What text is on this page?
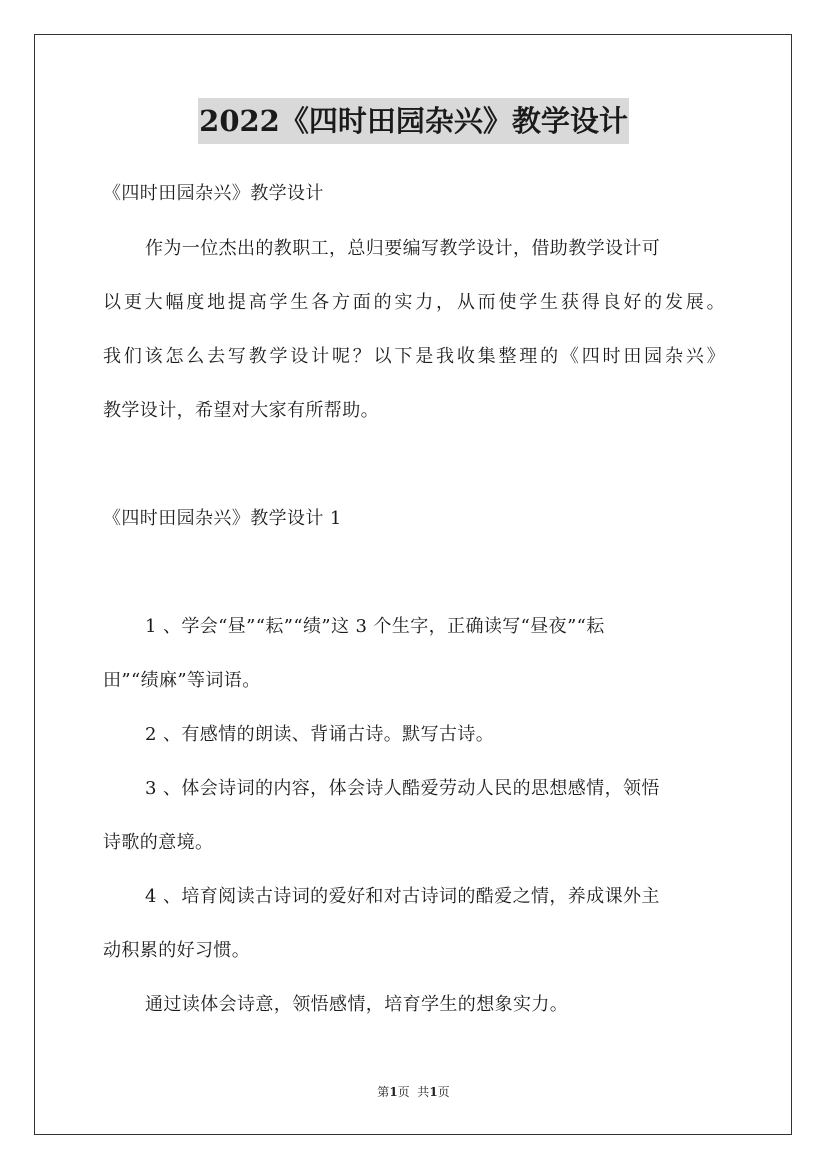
2022《四时田园杂兴》教学设计
《四时田园杂兴》教学设计
作为一位杰出的教职工，总归要编写教学设计，借助教学设计可
以更大幅度地提高学生各方面的实力，从而使学生获得良好的发展。
我们该怎么去写教学设计呢？以下是我收集整理的《四时田园杂兴》
教学设计，希望对大家有所帮助。
《四时田园杂兴》教学设计 1
1 、学会“昼”“耘”“绩”这 3 个生字，正确读写“昼夜”“耘
田”“绩麻”等词语。
2 、有感情的朗读、背诵古诗。默写古诗。
3 、体会诗词的内容，体会诗人酷爱劳动人民的思想感情，领悟
诗歌的意境。
4 、培育阅读古诗词的爱好和对古诗词的酷爱之情，养成课外主
动积累的好习惯。
通过读体会诗意，领悟感情，培育学生的想象实力。
第1页  共1页
